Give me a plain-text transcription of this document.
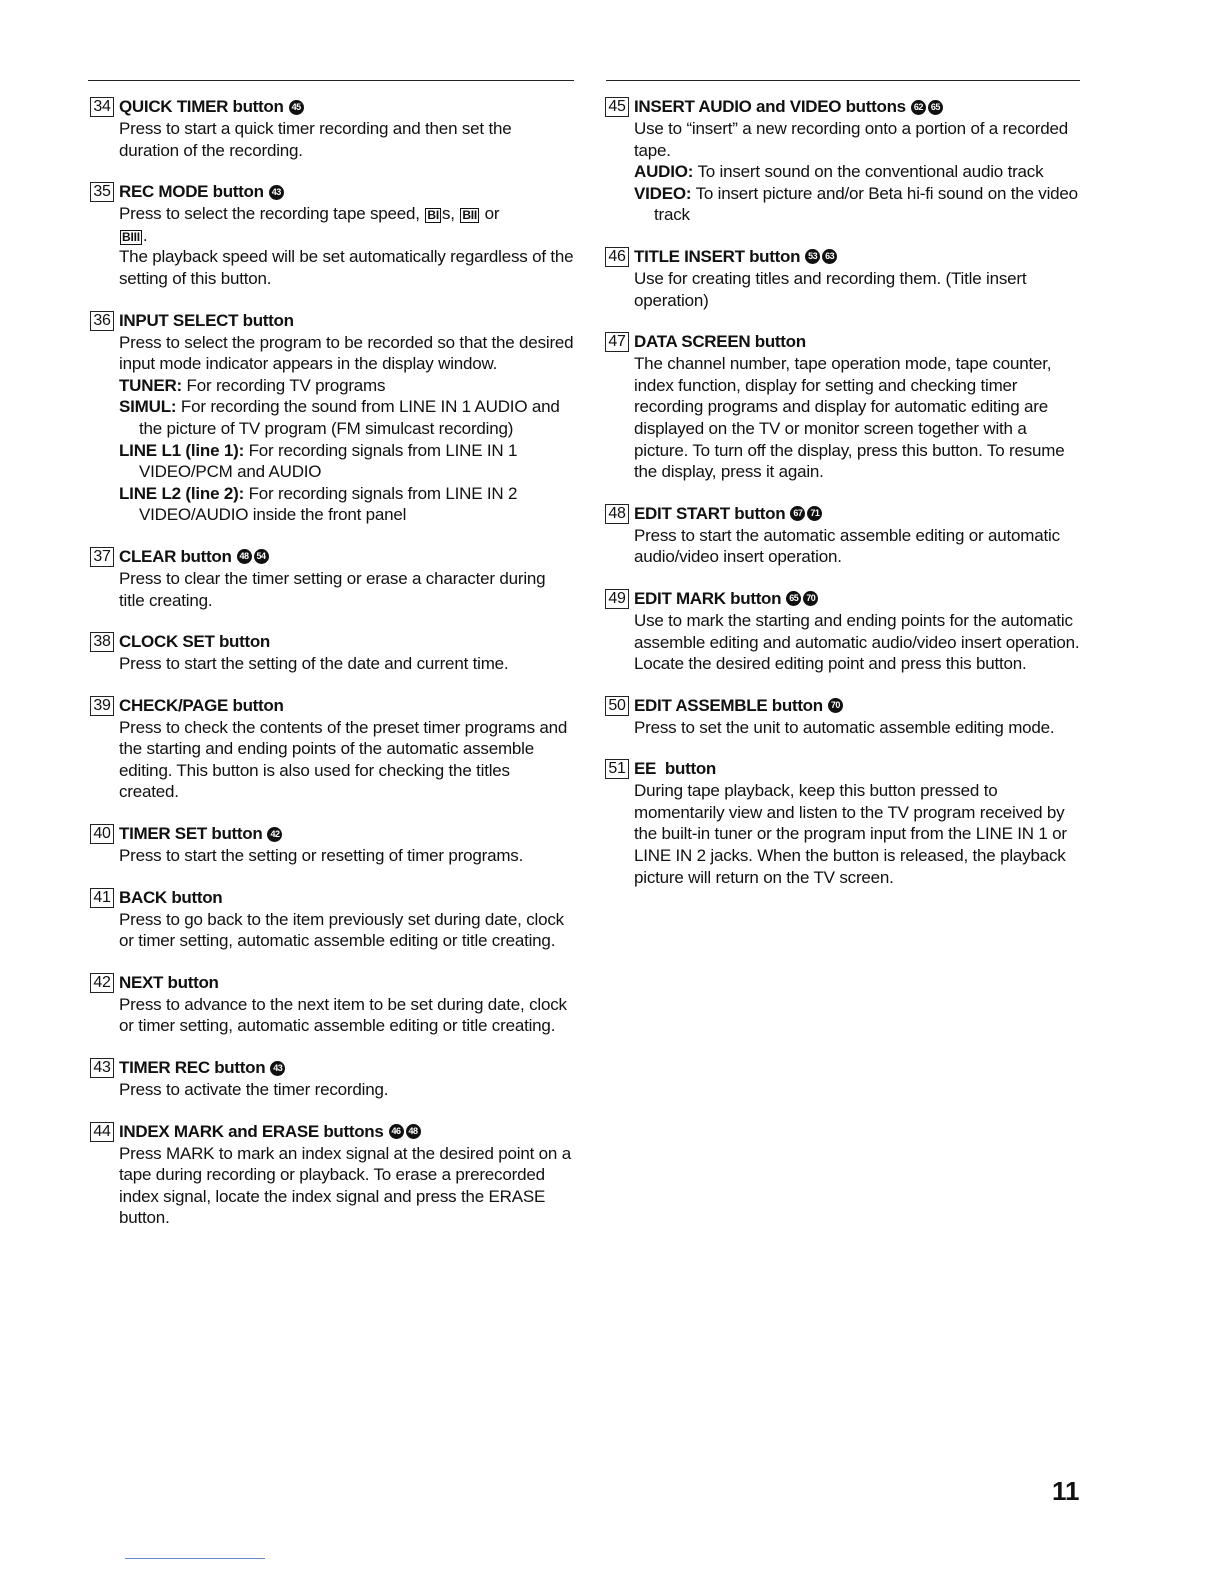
34 QUICK TIMER button 45

Press to start a quick timer recording and then set the duration of the recording.

35 REC MODE button 43

Press to select the recording tape speed, BI s, BII or
BIII .

The playback speed will be set automatically regardless of the setting of this button.

36 INPUT SELECT button

Press to select the program to be recorded so that the desired input mode indicator appears in the display window.

TUNER: For recording TV programs
SIMUL: For recording the sound from LINE IN 1 AUDIO and the picture of TV program (FM simulcast recording)
LINE L1 (line 1): For recording signals from LINE IN 1 VIDEO/PCM and AUDIO
LINE L2 (line 2): For recording signals from LINE IN 2 VIDEO/AUDIO inside the front panel
37 CLEAR button 48 54

Press to clear the timer setting or erase a character during title creating.

38 CLOCK SET button

Press to start the setting of the date and current time.

39 CHECK/PAGE button

Press to check the contents of the preset timer programs and the starting and ending points of the automatic assemble editing. This button is also used for checking the titles created.

40 TIMER SET button 42

Press to start the setting or resetting of timer programs.

41 BACK button

Press to go back to the item previously set during date, clock or timer setting, automatic assemble editing or title creating.

42 NEXT button

Press to advance to the next item to be set during date, clock or timer setting, automatic assemble editing or title creating.

43 TIMER REC button 43

Press to activate the timer recording.

44 INDEX MARK and ERASE buttons 46 48

Press MARK to mark an index signal at the desired point on a tape during recording or playback. To erase a prerecorded index signal, locate the index signal and press the ERASE button.

45 INSERT AUDIO and VIDEO buttons 62 65

Use to “insert” a new recording onto a portion of a recorded tape.

AUDIO: To insert sound on the conventional audio track
VIDEO: To insert picture and/or Beta hi-fi sound on the video track
46 TITLE INSERT button 53 63

Use for creating titles and recording them. (Title insert operation)

47 DATA SCREEN button

The channel number, tape operation mode, tape counter, index function, display for setting and checking timer recording programs and display for automatic editing are displayed on the TV or monitor screen together with a picture. To turn off the display, press this button. To resume the display, press it again.

48 EDIT START button 67 71

Press to start the automatic assemble editing or automatic audio/video insert operation.

49 EDIT MARK button 65 70

Use to mark the starting and ending points for the automatic assemble editing and automatic audio/video insert operation. Locate the desired editing point and press this button.

50 EDIT ASSEMBLE button 70

Press to set the unit to automatic assemble editing mode.

51 EE  button

During tape playback, keep this button pressed to momentarily view and listen to the TV program received by the built-in tuner or the program input from the LINE IN 1 or LINE IN 2 jacks. When the button is released, the playback picture will return on the TV screen.

11
